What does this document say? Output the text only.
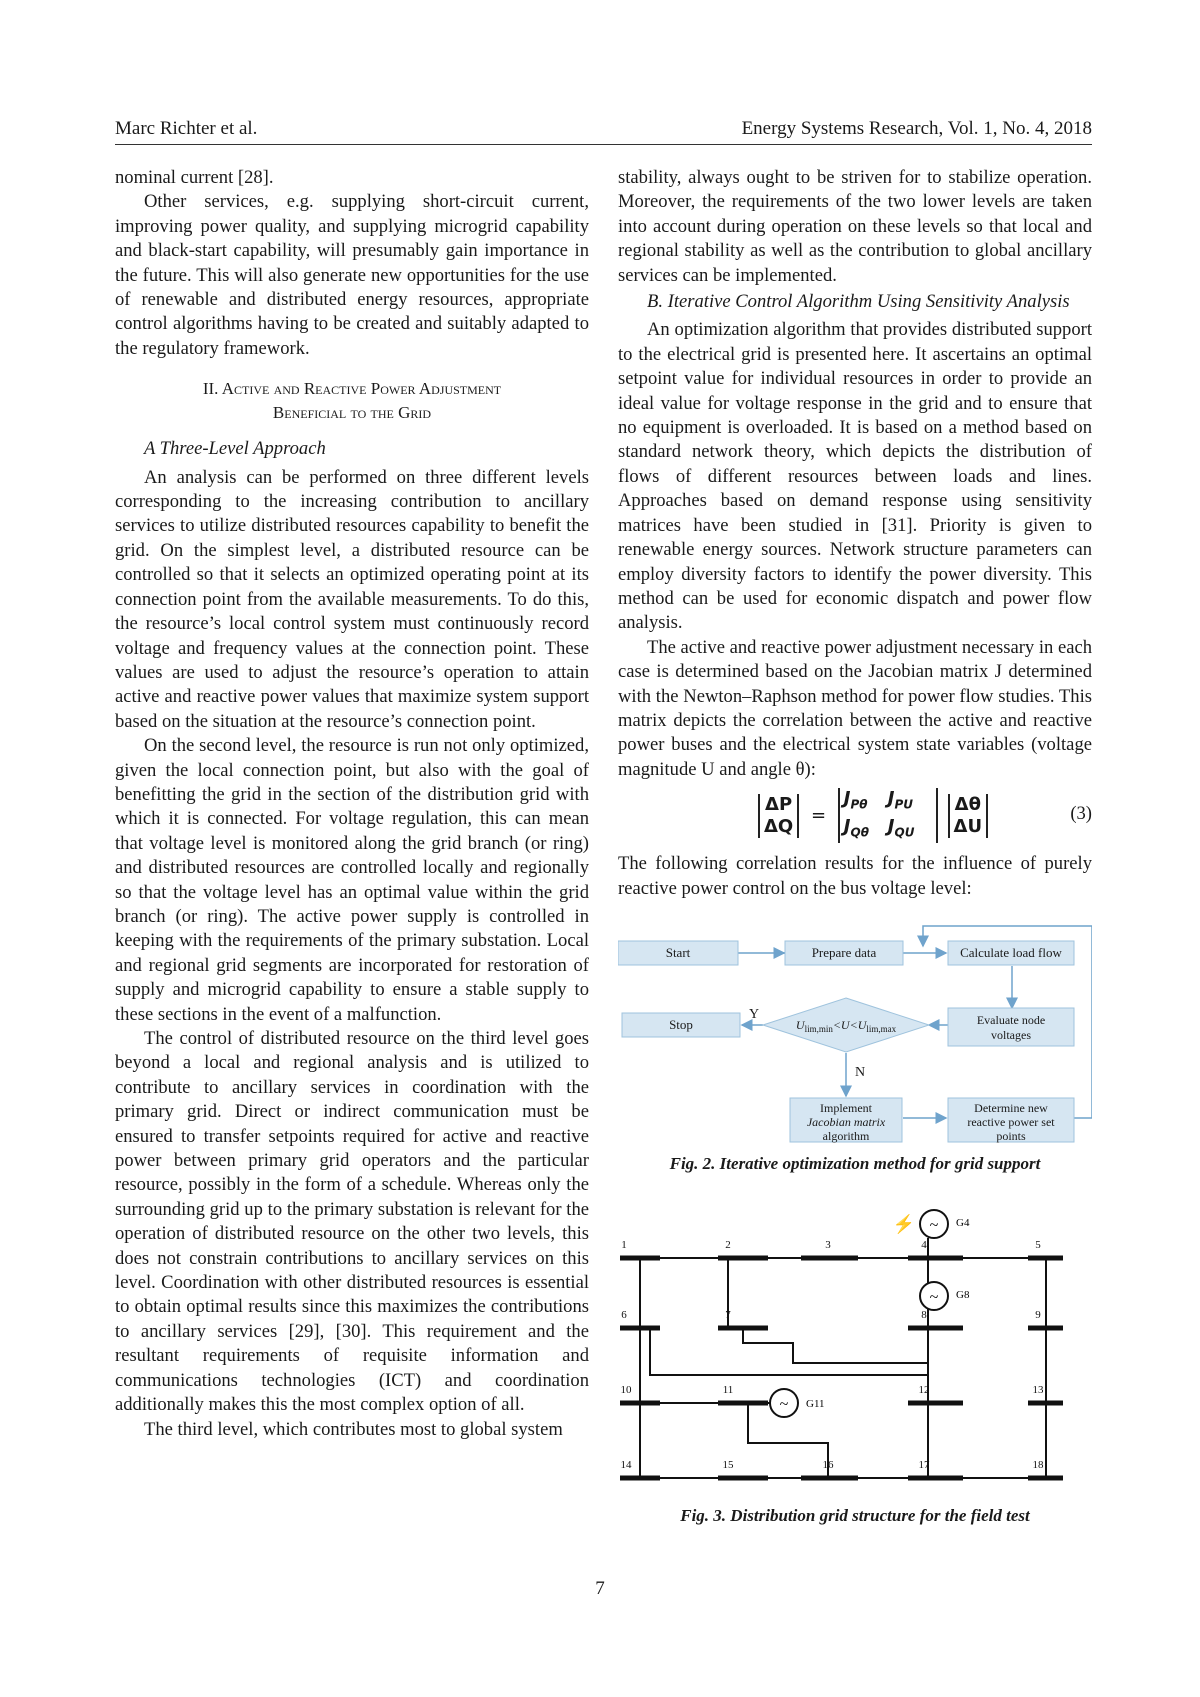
Marc Richter et al.	Energy Systems Research, Vol. 1, No. 4, 2018

nominal current [28].

Other services, e.g. supplying short-circuit current, improving power quality, and supplying microgrid capability and black-start capability, will presumably gain importance in the future. This will also generate new opportunities for the use of renewable and distributed energy resources, appropriate control algorithms having to be created and suitably adapted to the regulatory framework.

II. Active and Reactive Power Adjustment
Beneficial to the Grid
A Three-Level Approach

An analysis can be performed on three different levels corresponding to the increasing contribution to ancillary services to utilize distributed resources capability to benefit the grid. On the simplest level, a distributed resource can be controlled so that it selects an optimized operating point at its connection point from the available measurements. To do this, the resource’s local control system must continuously record voltage and frequency values at the connection point. These values are used to adjust the resource’s operation to attain active and reactive power values that maximize system support based on the situation at the resource’s connection point.

On the second level, the resource is run not only optimized, given the local connection point, but also with the goal of benefitting the grid in the section of the distribution grid with which it is connected. For voltage regulation, this can mean that voltage level is monitored along the grid branch (or ring) and distributed resources are controlled locally and regionally so that the voltage level has an optimal value within the grid branch (or ring). The active power supply is controlled in keeping with the requirements of the primary substation. Local and regional grid segments are incorporated for restoration of supply and microgrid capability to ensure a stable supply to these sections in the event of a malfunction.

The control of distributed resource on the third level goes beyond a local and regional analysis and is utilized to contribute to ancillary services in coordination with the primary grid. Direct or indirect communication must be ensured to transfer setpoints required for active and reactive power between primary grid operators and the particular resource, possibly in the form of a schedule. Whereas only the surrounding grid up to the primary substation is relevant for the operation of distributed resource on the other two levels, this does not constrain contributions to ancillary services on this level. Coordination with other distributed resources is essential to obtain optimal results since this maximizes the contributions to ancillary services [29], [30]. This requirement and the resultant requirements of requisite information and communications technologies (ICT) and coordination additionally makes this the most complex option of all.

The third level, which contributes most to global system

stability, always ought to be striven for to stabilize operation. Moreover, the requirements of the two lower levels are taken into account during operation on these levels so that local and regional stability as well as the contribution to global ancillary services can be implemented.

B. Iterative Control Algorithm Using Sensitivity Analysis

An optimization algorithm that provides distributed support to the electrical grid is presented here. It ascertains an optimal setpoint value for individual resources in order to provide an ideal value for voltage response in the grid and to ensure that no equipment is overloaded. It is based on a method based on standard network theory, which depicts the distribution of flows of different resources between loads and lines. Approaches based on demand response using sensitivity matrices have been studied in [31]. Priority is given to renewable energy sources. Network structure parameters can employ diversity factors to identify the power diversity. This method can be used for economic dispatch and power flow analysis.

The active and reactive power adjustment necessary in each case is determined based on the Jacobian matrix J determined with the Newton–Raphson method for power flow studies. This matrix depicts the correlation between the active and reactive power buses and the electrical system state variables (voltage magnitude U and angle θ):

ΔP
ΔQ
=
$J_{P\theta}$ $J_{PU}$
$J_{Q\theta}$ $J_{QU}$

Δθ
ΔU
(3)

The following correlation results for the influence of purely reactive power control on the bus voltage level:

Start	Prepare data	Calculate load flow
Evaluate node
voltages
$U_{lim,min}<U<U_{lim,max}$
Stop
Y
N
Implement
Jacobian matrix
algorithm
Determine new
reactive power set
points
Fig. 2. Iterative optimization method for grid support
~ G4
⚡
~ G8
~ G11
1	2	3	4	5
6	7	8	9
10	11	12	13
14	15	16	17	18
Fig. 3. Distribution grid structure for the field test
7
